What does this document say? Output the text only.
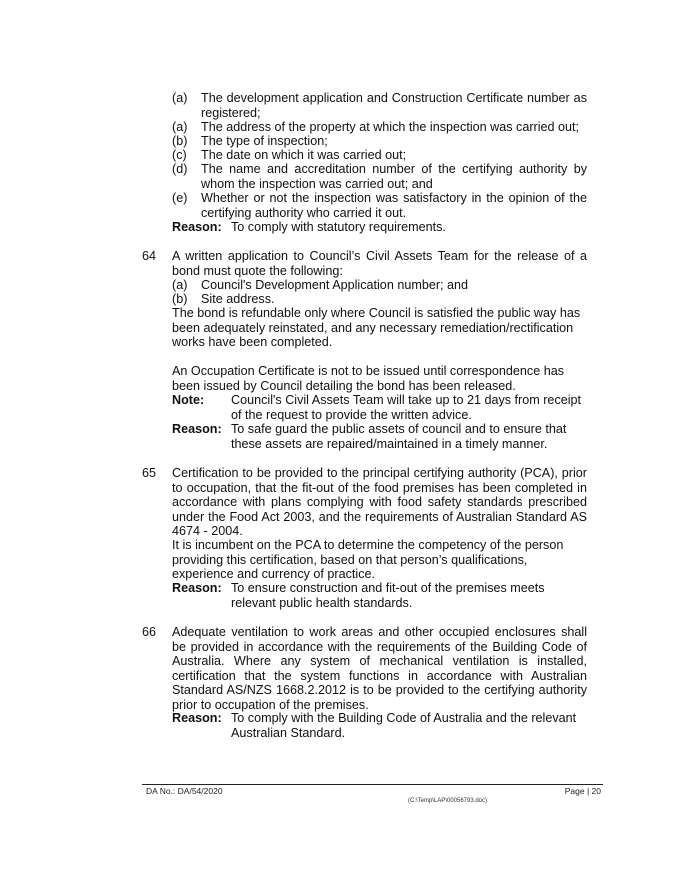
(a) The development application and Construction Certificate number as registered;
(a) The address of the property at which the inspection was carried out;
(b) The type of inspection;
(c) The date on which it was carried out;
(d) The name and accreditation number of the certifying authority by whom the inspection was carried out; and
(e) Whether or not the inspection was satisfactory in the opinion of the certifying authority who carried it out.
Reason: To comply with statutory requirements.
64 A written application to Council’s Civil Assets Team for the release of a bond must quote the following:
(a) Council's Development Application number; and
(b) Site address.
The bond is refundable only where Council is satisfied the public way has been adequately reinstated, and any necessary remediation/rectification works have been completed.
An Occupation Certificate is not to be issued until correspondence has been issued by Council detailing the bond has been released.
Note: Council's Civil Assets Team will take up to 21 days from receipt of the request to provide the written advice.
Reason: To safe guard the public assets of council and to ensure that these assets are repaired/maintained in a timely manner.
65 Certification to be provided to the principal certifying authority (PCA), prior to occupation, that the fit-out of the food premises has been completed in accordance with plans complying with food safety standards prescribed under the Food Act 2003, and the requirements of Australian Standard AS 4674 - 2004.
It is incumbent on the PCA to determine the competency of the person providing this certification, based on that person’s qualifications, experience and currency of practice.
Reason: To ensure construction and fit-out of the premises meets relevant public health standards.
66 Adequate ventilation to work areas and other occupied enclosures shall be provided in accordance with the requirements of the Building Code of Australia. Where any system of mechanical ventilation is installed, certification that the system functions in accordance with Australian Standard AS/NZS 1668.2.2012 is to be provided to the certifying authority prior to occupation of the premises.
Reason: To comply with the Building Code of Australia and the relevant Australian Standard.
DA No.: DA/54/2020	Page | 20
(C:\Temp\LAP\00056793.doc)
